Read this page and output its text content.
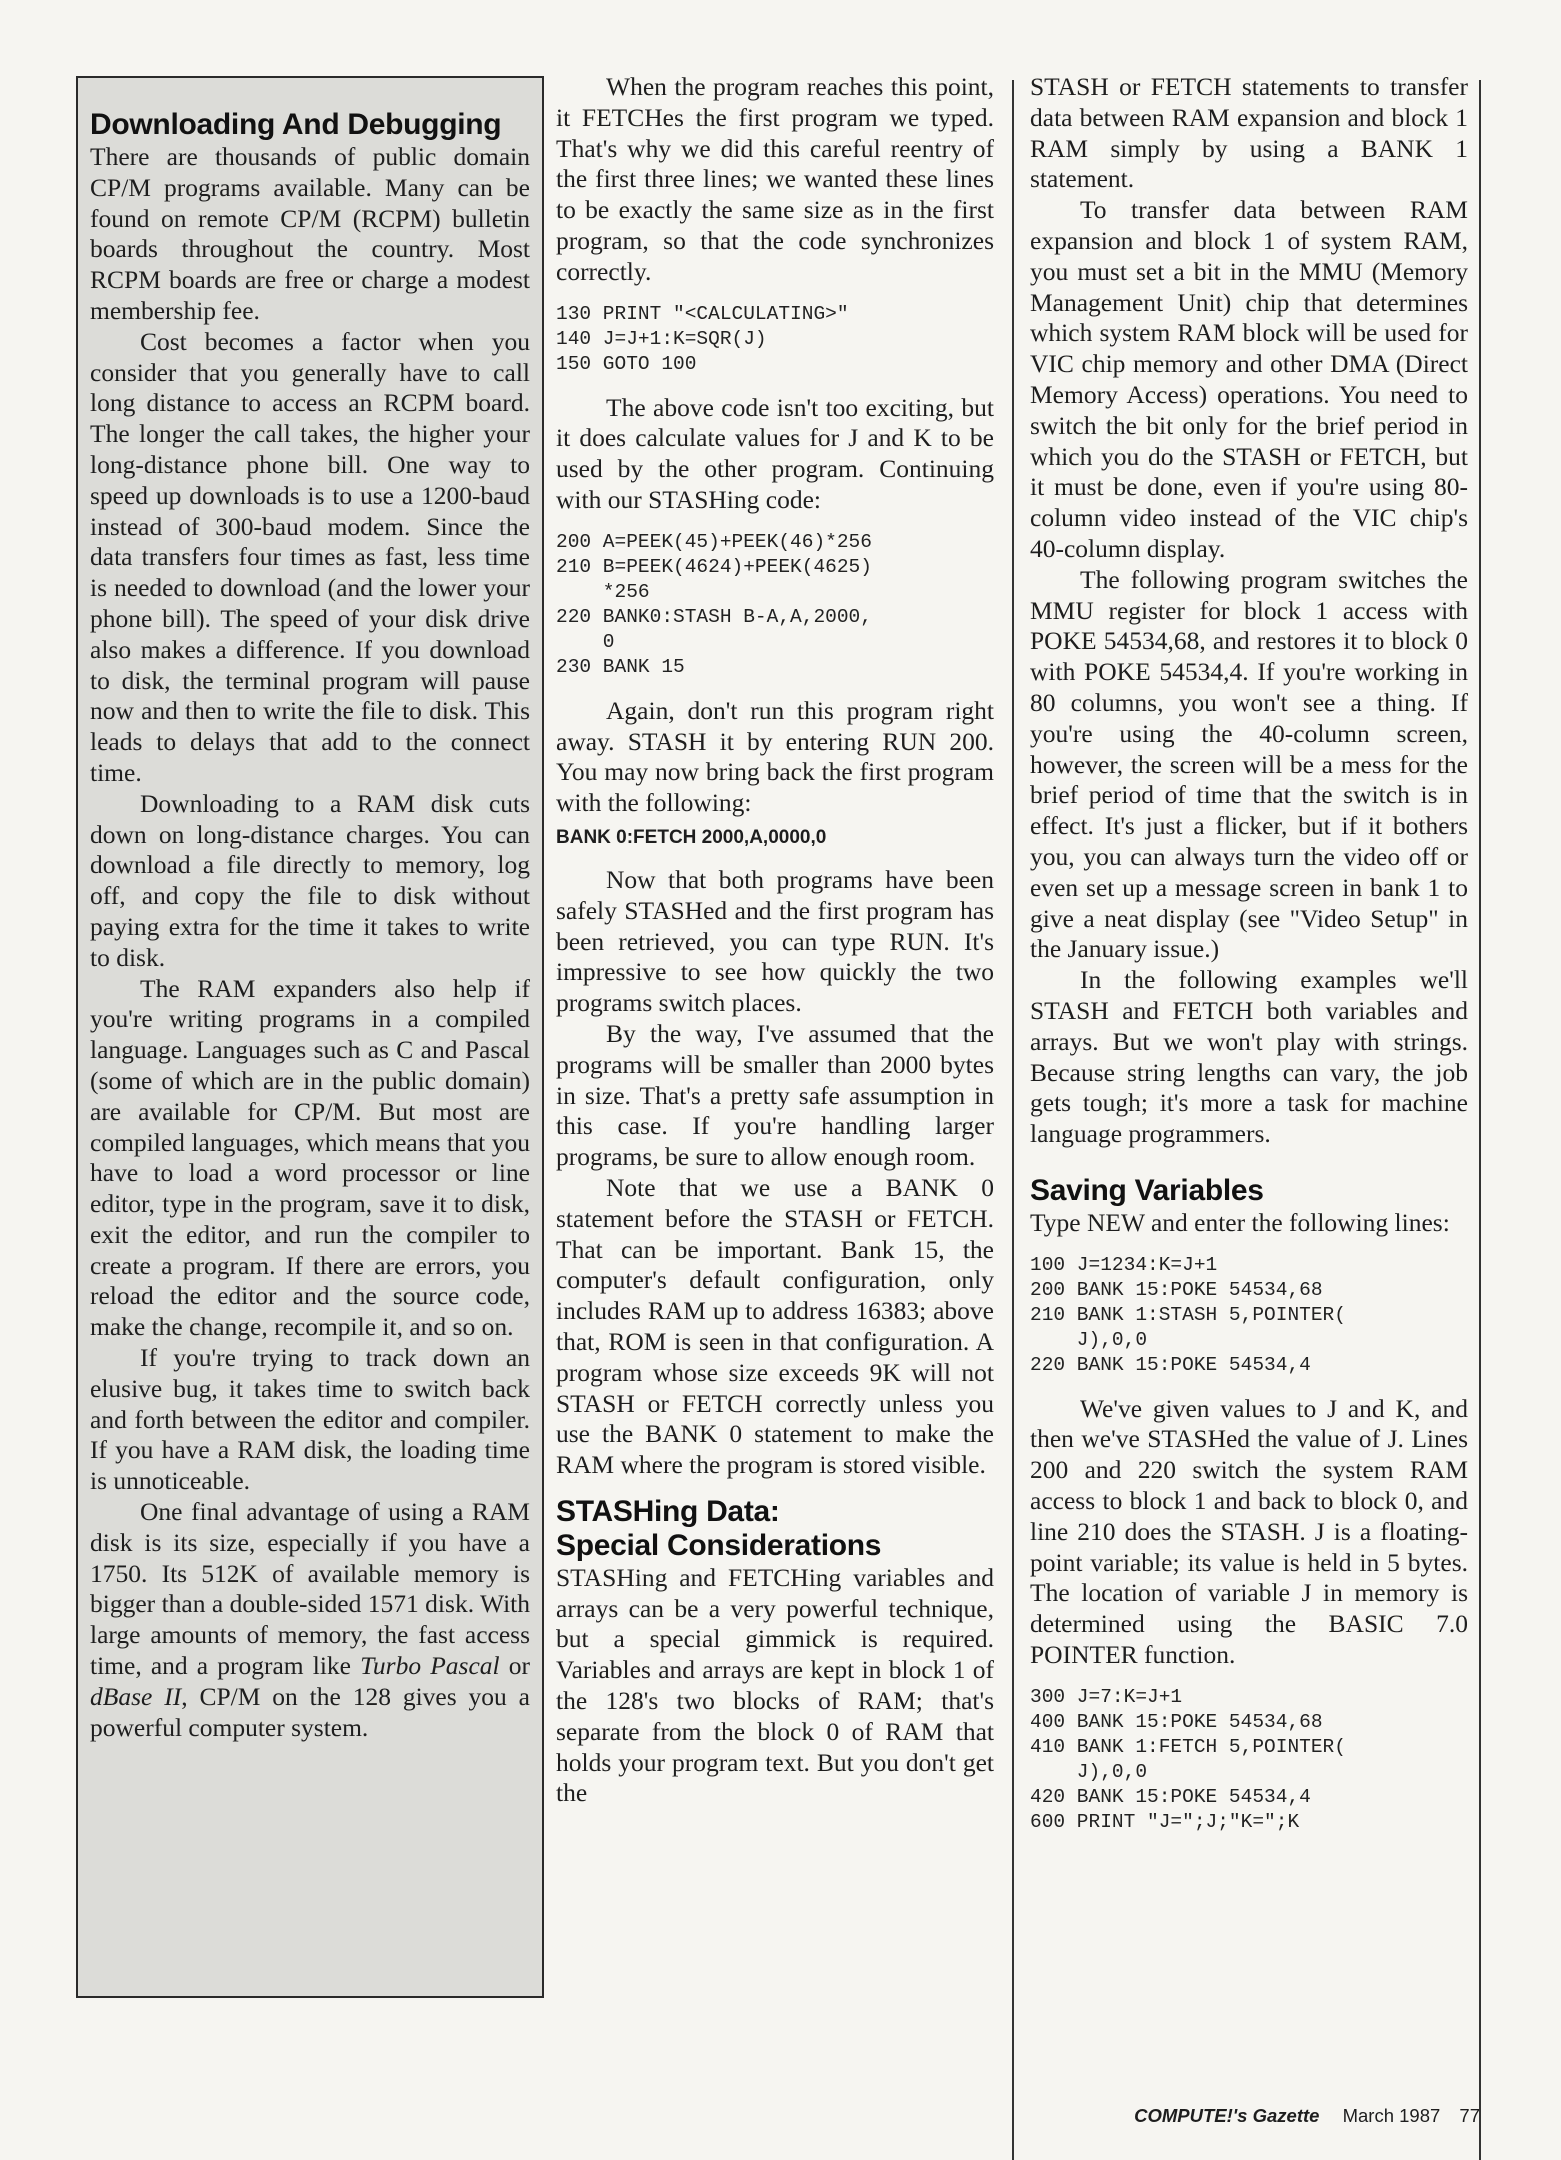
Downloading And Debugging

There are thousands of public domain CP/M programs available. Many can be found on remote CP/M (RCPM) bulletin boards throughout the country. Most RCPM boards are free or charge a modest membership fee.

Cost becomes a factor when you consider that you generally have to call long distance to access an RCPM board. The longer the call takes, the higher your long-distance phone bill. One way to speed up downloads is to use a 1200-baud instead of 300-baud modem. Since the data transfers four times as fast, less time is needed to download (and the lower your phone bill). The speed of your disk drive also makes a difference. If you download to disk, the terminal program will pause now and then to write the file to disk. This leads to delays that add to the connect time.

Downloading to a RAM disk cuts down on long-distance charges. You can download a file directly to memory, log off, and copy the file to disk without paying extra for the time it takes to write to disk.

The RAM expanders also help if you're writing programs in a compiled language. Languages such as C and Pascal (some of which are in the public domain) are available for CP/M. But most are compiled languages, which means that you have to load a word processor or line editor, type in the program, save it to disk, exit the editor, and run the compiler to create a program. If there are errors, you reload the editor and the source code, make the change, recompile it, and so on.

If you're trying to track down an elusive bug, it takes time to switch back and forth between the editor and compiler. If you have a RAM disk, the loading time is unnoticeable.

One final advantage of using a RAM disk is its size, especially if you have a 1750. Its 512K of available memory is bigger than a double-sided 1571 disk. With large amounts of memory, the fast access time, and a program like Turbo Pascal or dBase II, CP/M on the 128 gives you a powerful computer system.

When the program reaches this point, it FETCHes the first program we typed. That's why we did this careful reentry of the first three lines; we wanted these lines to be exactly the same size as in the first program, so that the code synchronizes correctly.

130 PRINT "<CALCULATING>"
140 J=J+1:K=SQR(J)
150 GOTO 100

The above code isn't too exciting, but it does calculate values for J and K to be used by the other program. Continuing with our STASHing code:

200 A=PEEK(45)+PEEK(46)*256
210 B=PEEK(4624)+PEEK(4625)
*256
220 BANK0:STASH B-A,A,2000,
0
230 BANK 15

Again, don't run this program right away. STASH it by entering RUN 200. You may now bring back the first program with the following:

BANK 0:FETCH 2000,A,0000,0

Now that both programs have been safely STASHed and the first program has been retrieved, you can type RUN. It's impressive to see how quickly the two programs switch places.

By the way, I've assumed that the programs will be smaller than 2000 bytes in size. That's a pretty safe assumption in this case. If you're handling larger programs, be sure to allow enough room.

Note that we use a BANK 0 statement before the STASH or FETCH. That can be important. Bank 15, the computer's default configuration, only includes RAM up to address 16383; above that, ROM is seen in that configuration. A program whose size exceeds 9K will not STASH or FETCH correctly unless you use the BANK 0 statement to make the RAM where the program is stored visible.

STASHing Data:
Special Considerations

STASHing and FETCHing variables and arrays can be a very powerful technique, but a special gimmick is required. Variables and arrays are kept in block 1 of the 128's two blocks of RAM; that's separate from the block 0 of RAM that holds your program text. But you don't get the

STASH or FETCH statements to transfer data between RAM expansion and block 1 RAM simply by using a BANK 1 statement.

To transfer data between RAM expansion and block 1 of system RAM, you must set a bit in the MMU (Memory Management Unit) chip that determines which system RAM block will be used for VIC chip memory and other DMA (Direct Memory Access) operations. You need to switch the bit only for the brief period in which you do the STASH or FETCH, but it must be done, even if you're using 80-column video instead of the VIC chip's 40-column display.

The following program switches the MMU register for block 1 access with POKE 54534,68, and restores it to block 0 with POKE 54534,4. If you're working in 80 columns, you won't see a thing. If you're using the 40-column screen, however, the screen will be a mess for the brief period of time that the switch is in effect. It's just a flicker, but if it bothers you, you can always turn the video off or even set up a message screen in bank 1 to give a neat display (see "Video Setup" in the January issue.)

In the following examples we'll STASH and FETCH both variables and arrays. But we won't play with strings. Because string lengths can vary, the job gets tough; it's more a task for machine language programmers.

Saving Variables

Type NEW and enter the following lines:

100 J=1234:K=J+1
200 BANK 15:POKE 54534,68
210 BANK 1:STASH 5,POINTER(
J),0,0
220 BANK 15:POKE 54534,4

We've given values to J and K, and then we've STASHed the value of J. Lines 200 and 220 switch the system RAM access to block 1 and back to block 0, and line 210 does the STASH. J is a floating-point variable; its value is held in 5 bytes. The location of variable J in memory is determined using the BASIC 7.0 POINTER function.

300 J=7:K=J+1
400 BANK 15:POKE 54534,68
410 BANK 1:FETCH 5,POINTER(
J),0,0
420 BANK 15:POKE 54534,4
600 PRINT "J=";J;"K=";K
COMPUTE!'s Gazette March 1987 77
